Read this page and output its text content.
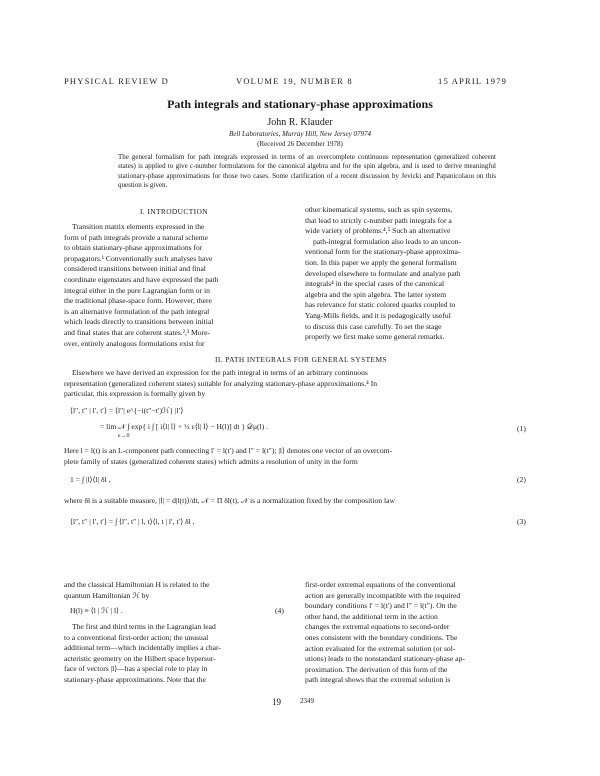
PHYSICAL REVIEW D	VOLUME 19, NUMBER 8	15 APRIL 1979
Path integrals and stationary-phase approximations
John R. Klauder
Bell Laboratories, Murray Hill, New Jersey 07974
(Received 26 December 1978)
The general formalism for path integrals expressed in terms of an overcomplete continuous representation (generalized coherent states) is applied to give c-number formulations for the canonical algebra and for the spin algebra, and is used to derive meaningful stationary-phase approximations for those two cases. Some clarification of a recent discussion by Jevicki and Papanicolaou on this question is given.
I. INTRODUCTION
Transition matrix elements expressed in the
form of path integrals provide a natural scheme
to obtain stationary-phase approximations for
propagators.¹ Conventionally such analyses have
considered transitions between initial and final
coordinate eigenstates and have expressed the path
integral either in the pure Lagrangian form or in
the traditional phase-space form. However, there
is an alternative formulation of the path integral
which leads directly to transitions between initial
and final states that are coherent states.²,³ More-
over, entirely analogous formulations exist for
other kinematical systems, such as spin systems,
that lead to strictly c-number path integrals for a
wide variety of problems.⁴,⁵ Such an alternative
path-integral formulation also leads to an uncon-
ventional form for the stationary-phase approxima-
tion. In this paper we apply the general formalism
developed elsewhere to formulate and analyze path
integrals⁴ in the special cases of the canonical
algebra and the spin algebra. The latter system
has relevance for static colored quarks coupled to
Yang-Mills fields, and it is pedagogically useful
to discuss this case carefully. To set the stage
properly we first make some general remarks.
II. PATH INTEGRALS FOR GENERAL SYSTEMS
Elsewhere we have derived an expression for the path integral in terms of an arbitrary continuous
representation (generalized coherent states) suitable for analyzing stationary-phase approximations.⁴ In
particular, this expression is formally given by
⟨l″, t″ | l′, t′⟩ = ⟨l″| e^{−i(t″−t′)ℋ} |l′⟩
= lim 𝒩 ∫ exp{ i ∫ [ i⟨l| l̇⟩ + ½ ε⟨l̇| l̇⟩ − H(l)] dt } 𝒟μ(l) .
ε→0
(1)
Here l = l(t) is an L-component path connecting l′ = l(t′) and l″ = l(t″); |l⟩ denotes one vector of an overcom-
plete family of states (generalized coherent states) which admits a resolution of unity in the form
1 = ∫ |l⟩⟨l| δl ,	(2)
where δl is a suitable measure, |l̇| = d|l(t)⟩/dt, 𝒩 = Π δl(t), 𝒩 is a normalization fixed by the composition law
⟨l″, t″ | l′, t′⟩ = ∫ ⟨l″, t″ | l, t⟩⟨l, t | l′, t′⟩ δl ,	(3)
and the classical Hamiltonian H is related to the
quantum Hamiltonian ℋ by
H(l) ≡ ⟨l | ℋ | l⟩ .	(4)
The first and third terms in the Lagrangian lead
to a conventional first-order action; the unusual
additional term—which incidentally implies a char-
acteristic geometry on the Hilbert space hypersur-
face of vectors |l⟩—has a special role to play in
stationary-phase approximations. Note that the
first-order extremal equations of the conventional
action are generally incompatible with the required
boundary conditions l′ = l(t′) and l″ = l(t″). On the
other hand, the additional term in the action
changes the extremal equations to second-order
ones consistent with the boundary conditions. The
action evaluated for the extremal solution (or sol-
utions) leads to the nonstandard stationary-phase ap-
proximation. The derivation of this form of the
path integral shows that the extremal solution is
19	2349
